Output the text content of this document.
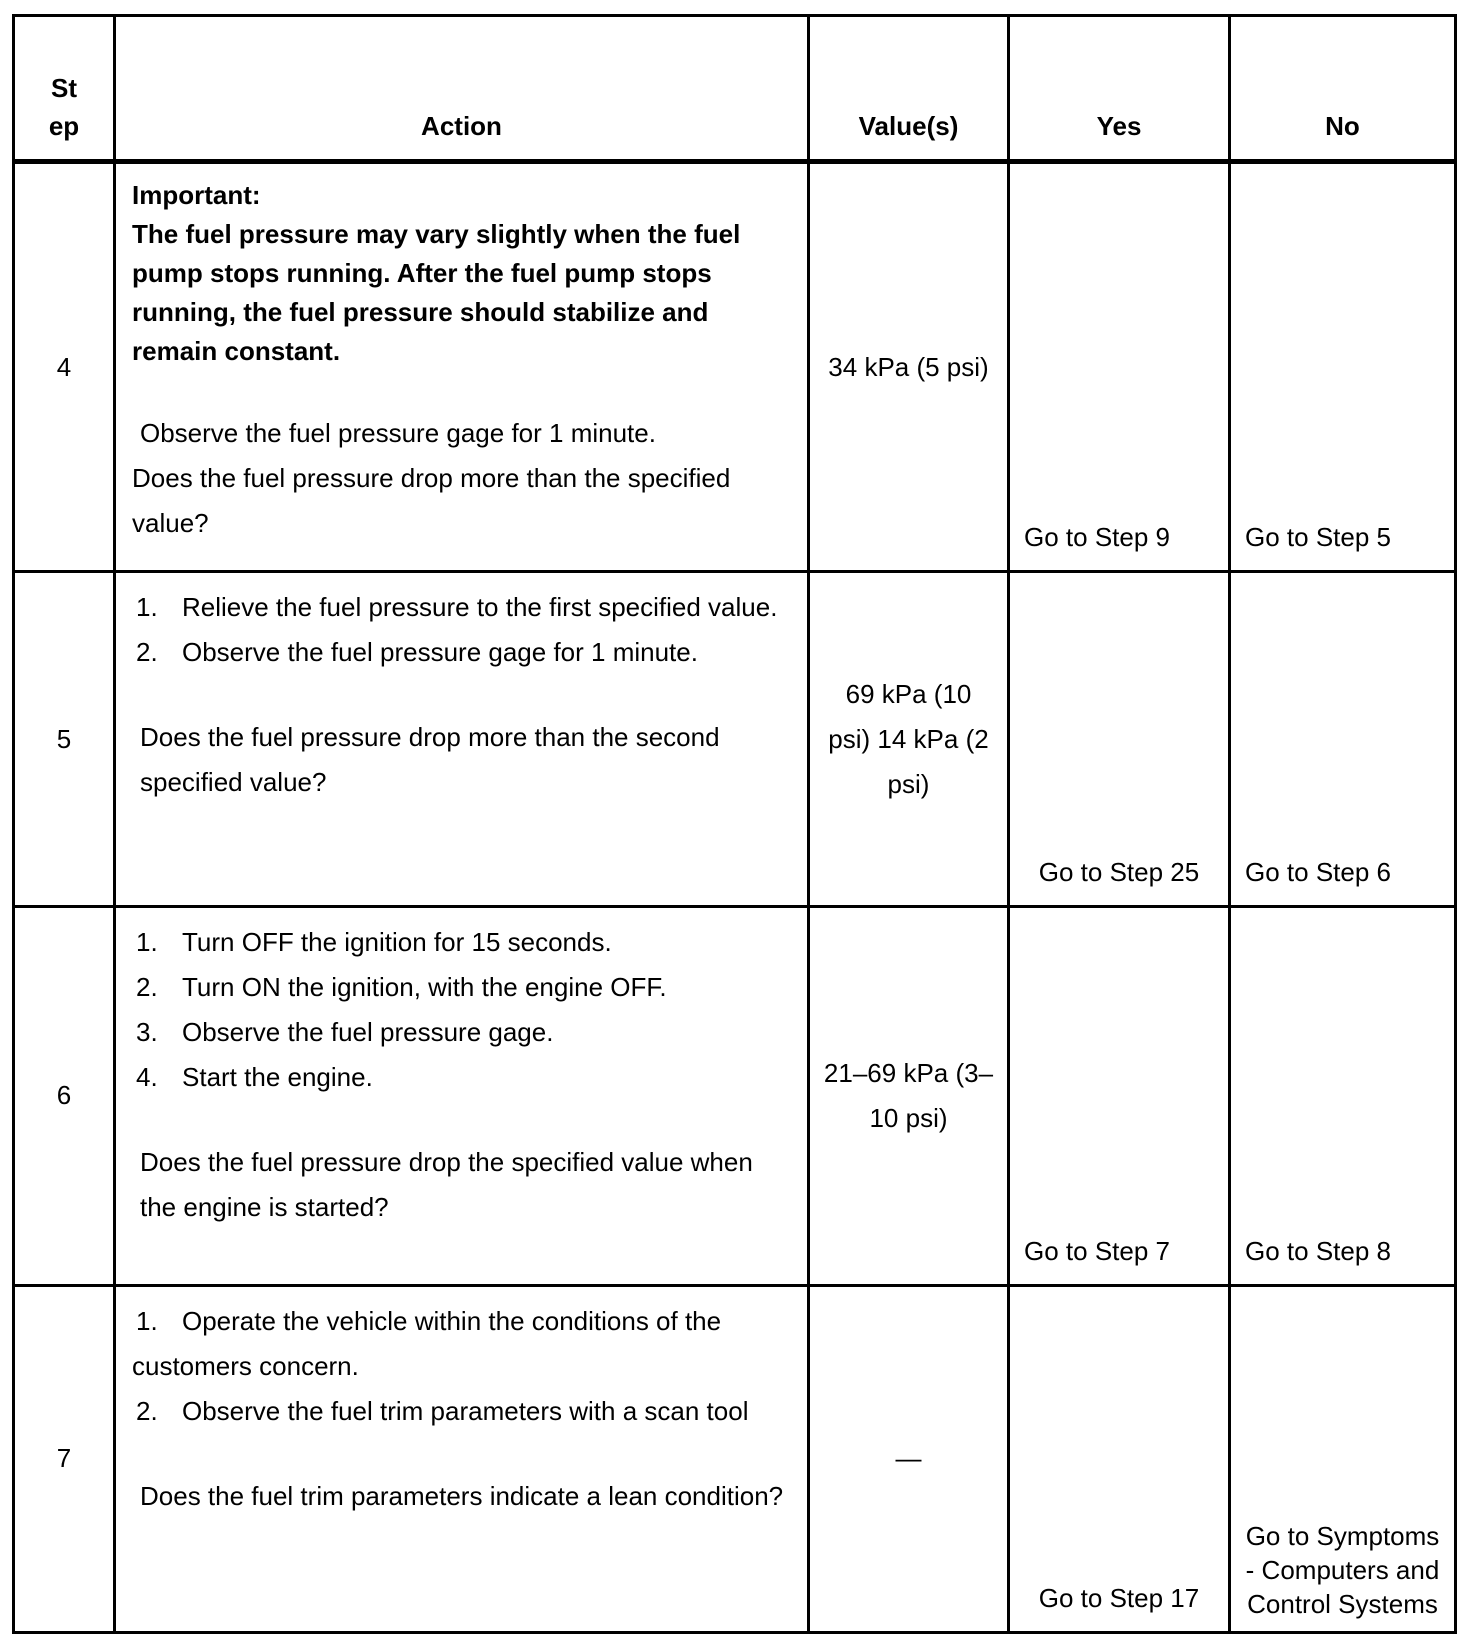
St
ep	Action	Value(s)	Yes	No
4	Important:
The fuel pressure may vary slightly when the fuel pump stops running. After the fuel pump stops running, the fuel pressure should stabilize and remain constant.
Observe the fuel pressure gage for 1 minute.
Does the fuel pressure drop more than the specified value?	34 kPa (5 psi)	Go to Step 9	Go to Step 5
5	1. Relieve the fuel pressure to the first specified value.
2. Observe the fuel pressure gage for 1 minute.
Does the fuel pressure drop more than the second specified value?	69 kPa (10 psi) 14 kPa (2 psi)	Go to Step 25	Go to Step 6
6	1. Turn OFF the ignition for 15 seconds.
2. Turn ON the ignition, with the engine OFF.
3. Observe the fuel pressure gage.
4. Start the engine.
Does the fuel pressure drop the specified value when the engine is started?	21–69 kPa (3–10 psi)	Go to Step 7	Go to Step 8
7	1. Operate the vehicle within the conditions of the customers concern.
2. Observe the fuel trim parameters with a scan tool
Does the fuel trim parameters indicate a lean condition?	—	Go to Step 17	Go to Symptoms - Computers and Control Systems
